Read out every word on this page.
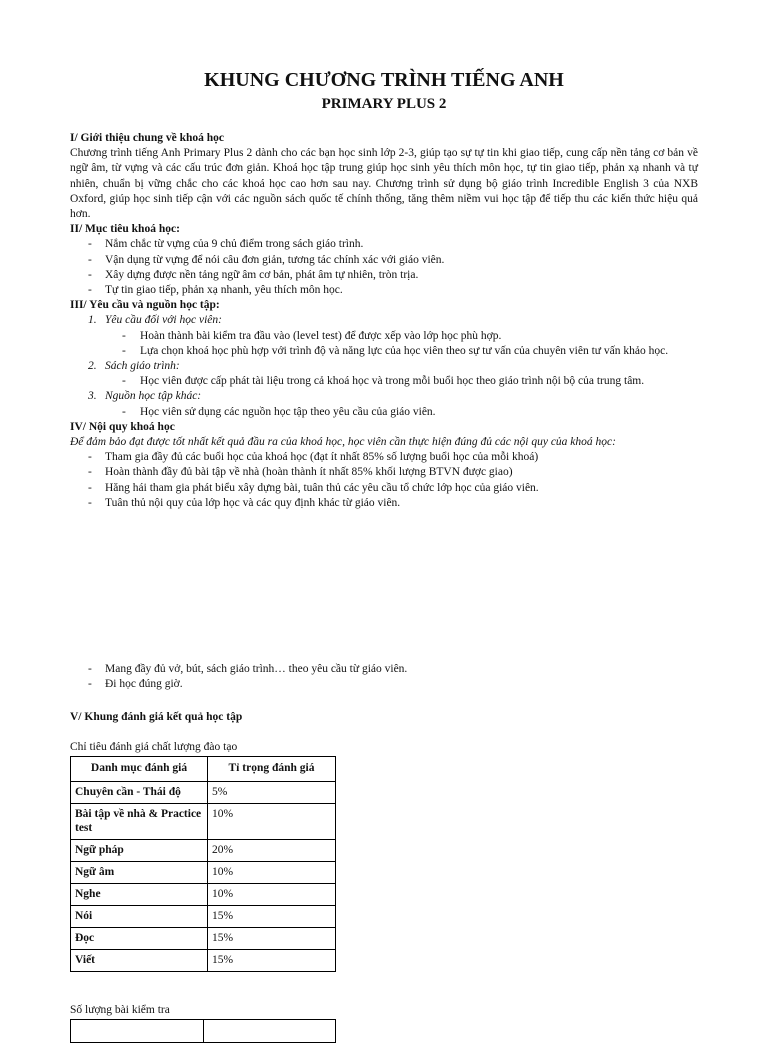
KHUNG CHƯƠNG TRÌNH TIẾNG ANH
PRIMARY PLUS 2
I/ Giới thiệu chung về khoá học
Chương trình tiếng Anh Primary Plus 2 dành cho các bạn học sinh lớp 2-3, giúp tạo sự tự tin khi giao tiếp, cung cấp nền tảng cơ bản về ngữ âm, từ vựng và các cấu trúc đơn giản. Khoá học tập trung giúp học sinh yêu thích môn học, tự tin giao tiếp, phản xạ nhanh và tự nhiên, chuẩn bị vững chắc cho các khoá học cao hơn sau nay. Chương trình sử dụng bộ giáo trình Incredible English 3 của NXB Oxford, giúp học sinh tiếp cận với các nguồn sách quốc tế chính thống, tăng thêm niềm vui học tập để tiếp thu các kiến thức hiệu quả hơn.
II/ Mục tiêu khoá học:
- Nắm chắc từ vựng của 9 chủ điểm trong sách giáo trình.
- Vận dụng từ vựng để nói câu đơn giản, tương tác chính xác với giáo viên.
- Xây dựng được nền tảng ngữ âm cơ bản, phát âm tự nhiên, tròn trịa.
- Tự tin giao tiếp, phản xạ nhanh, yêu thích môn học.
III/ Yêu cầu và nguồn học tập:
1. Yêu cầu đối với học viên:
- Hoàn thành bài kiểm tra đầu vào (level test) để được xếp vào lớp học phù hợp.
- Lựa chọn khoá học phù hợp với trình độ và năng lực của học viên theo sự tư vấn của chuyên viên tư vấn khảo học.
2. Sách giáo trình:
- Học viên được cấp phát tài liệu trong cả khoá học và trong mỗi buổi học theo giáo trình nội bộ của trung tâm.
3. Nguồn học tập khác:
- Học viên sử dụng các nguồn học tập theo yêu cầu của giáo viên.
IV/ Nội quy khoá học
Để đảm bảo đạt được tốt nhất kết quả đầu ra của khoá học, học viên cần thực hiện đúng đủ các nội quy của khoá học:
- Tham gia đầy đủ các buổi học của khoá học (đạt ít nhất 85% số lượng buổi học của mỗi khoá)
- Hoàn thành đầy đủ bài tập về nhà (hoàn thành ít nhất 85% khối lượng BTVN được giao)
- Hăng hái tham gia phát biểu xây dựng bài, tuân thủ các yêu cầu tổ chức lớp học của giáo viên.
- Tuân thủ nội quy của lớp học và các quy định khác từ giáo viên.
- Mang đầy đủ vở, bút, sách giáo trình… theo yêu cầu từ giáo viên.
- Đi học đúng giờ.
V/ Khung đánh giá kết quả học tập
Chỉ tiêu đánh giá chất lượng đào tạo
Danh mục đánh giá	Tỉ trọng đánh giá
Chuyên cần - Thái độ	5%
Bài tập về nhà & Practice test	10%
Ngữ pháp	20%
Ngữ âm	10%
Nghe	10%
Nói	15%
Đọc	15%
Viết	15%
Số lượng bài kiểm tra
